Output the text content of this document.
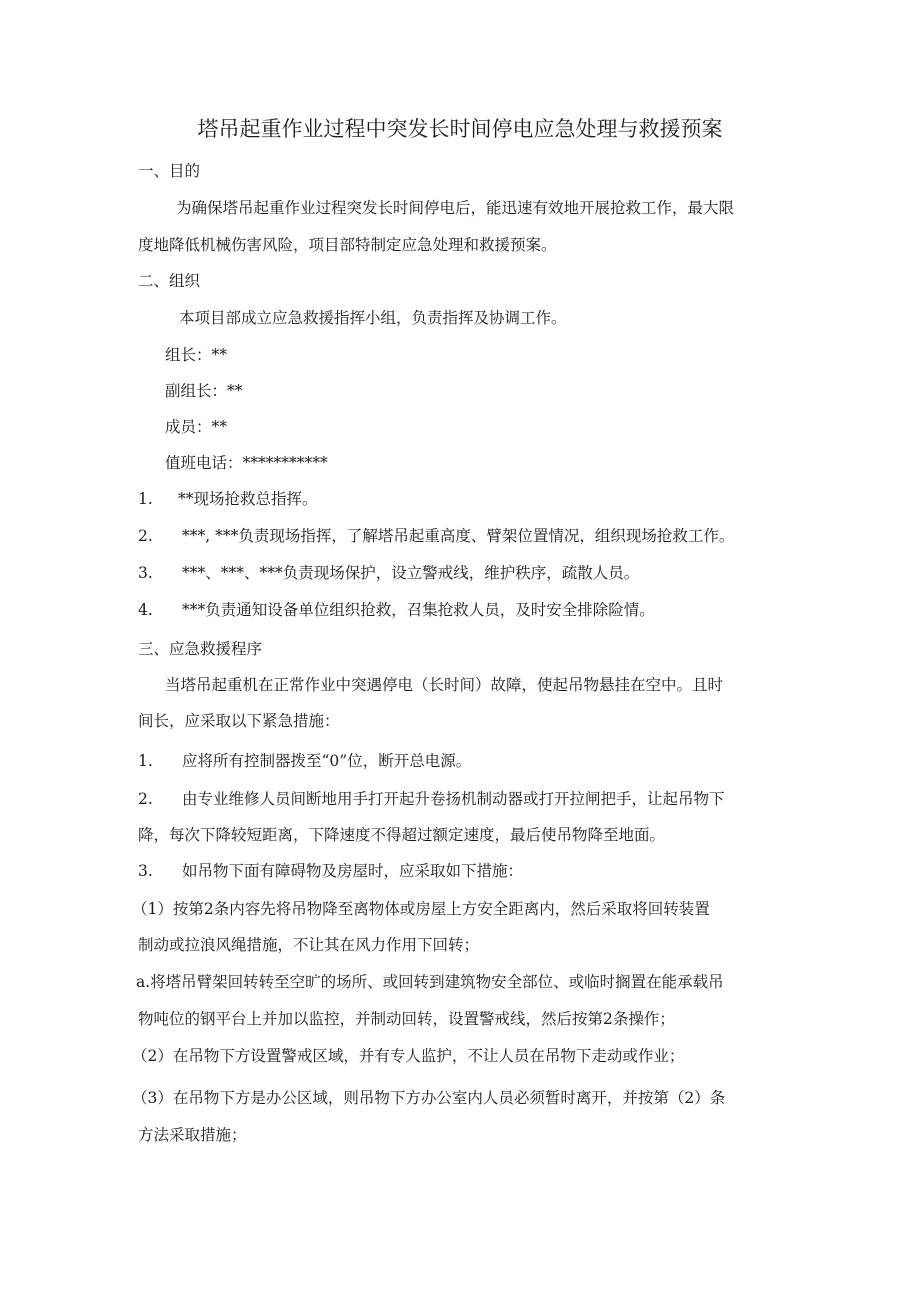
塔吊起重作业过程中突发长时间停电应急处理与救援预案
一、目的
为确保塔吊起重作业过程突发长时间停电后，能迅速有效地开展抢救工作，最大限
度地降低机械伤害风险，项目部特制定应急处理和救援预案。
二、组织
本项目部成立应急救援指挥小组，负责指挥及协调工作。
组长：**
副组长：**
成员：**
值班电话：***********
1. **现场抢救总指挥。
2. ***, ***负责现场指挥，了解塔吊起重高度、臂架位置情况，组织现场抢救工作。
3. ***、***、***负责现场保护，设立警戒线，维护秩序，疏散人员。
4. ***负责通知设备单位组织抢救，召集抢救人员，及时安全排除险情。
三、应急救援程序
当塔吊起重机在正常作业中突遇停电（长时间）故障，使起吊物悬挂在空中。且时
间长，应采取以下紧急措施：
1. 应将所有控制器拨至“0”位，断开总电源。
2. 由专业维修人员间断地用手打开起升卷扬机制动器或打开拉闸把手，让起吊物下
降，每次下降较短距离，下降速度不得超过额定速度，最后使吊物降至地面。
3. 如吊物下面有障碍物及房屋时，应采取如下措施：
（1）按第2条内容先将吊物降至离物体或房屋上方安全距离内，然后采取将回转装置
制动或拉浪风绳措施，不让其在风力作用下回转；
a.将塔吊臂架回转转至空旷的场所、或回转到建筑物安全部位、或临时搁置在能承载吊
物吨位的钢平台上并加以监控，并制动回转，设置警戒线，然后按第2条操作；
（2）在吊物下方设置警戒区域，并有专人监护，不让人员在吊物下走动或作业；
（3）在吊物下方是办公区域，则吊物下方办公室内人员必须暂时离开，并按第（2）条
方法采取措施；
